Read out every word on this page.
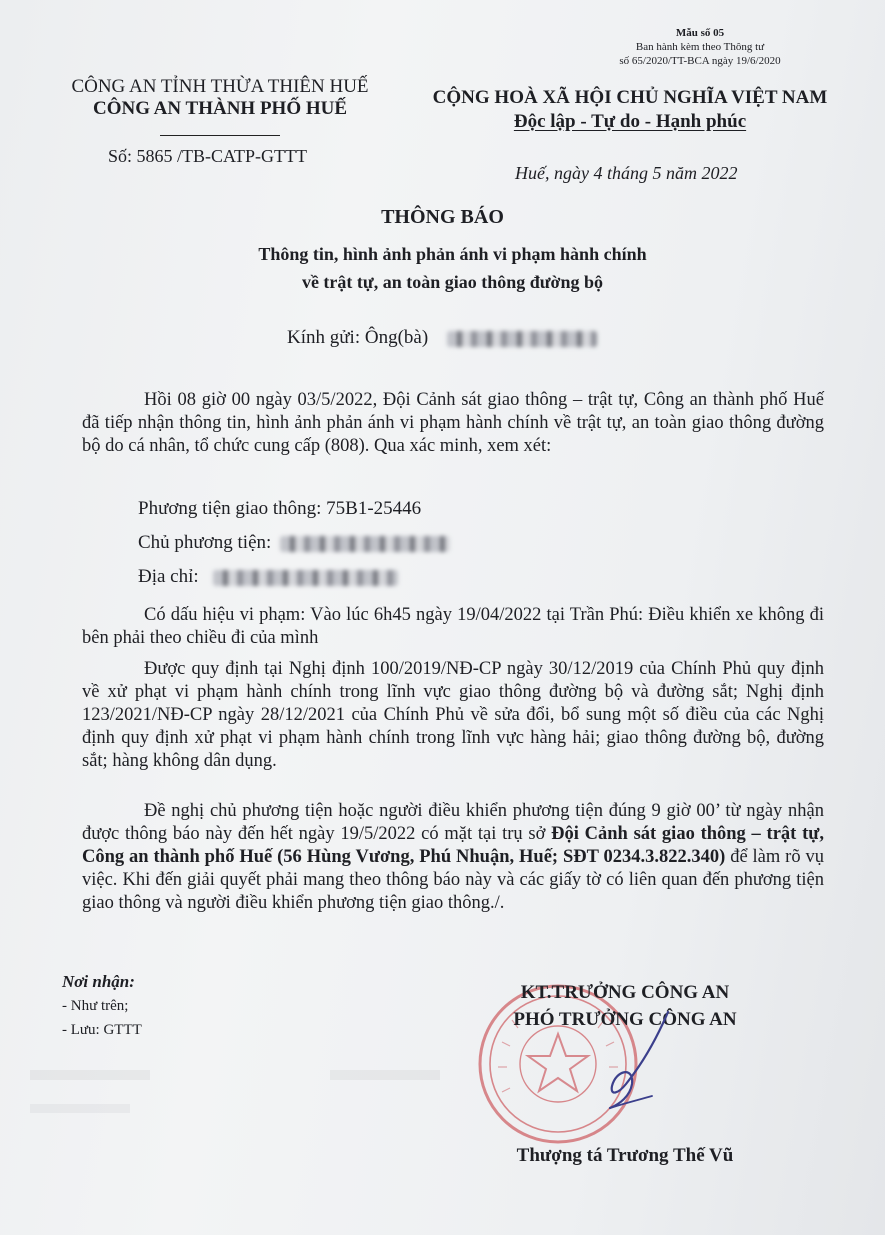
Mẫu số 05
Ban hành kèm theo Thông tư
số 65/2020/TT-BCA ngày 19/6/2020
CÔNG AN TỈNH THỪA THIÊN HUẾ
CÔNG AN THÀNH PHỐ HUẾ
CỘNG HOÀ XÃ HỘI CHỦ NGHĨA VIỆT NAM
Độc lập - Tự do - Hạnh phúc
Số: 5865 /TB-CATP-GTTT
Huế, ngày 4 tháng 5 năm 2022
THÔNG BÁO
Thông tin, hình ảnh phản ánh vi phạm hành chính
về trật tự, an toàn giao thông đường bộ
Kính gửi: Ông(bà)
Hồi 08 giờ 00 ngày 03/5/2022, Đội Cảnh sát giao thông – trật tự, Công an thành phố Huế đã tiếp nhận thông tin, hình ảnh phản ánh vi phạm hành chính về trật tự, an toàn giao thông đường bộ do cá nhân, tổ chức cung cấp (808). Qua xác minh, xem xét:
Phương tiện giao thông: 75B1-25446
Chủ phương tiện:
Địa chỉ:
Có dấu hiệu vi phạm: Vào lúc 6h45 ngày 19/04/2022 tại Trần Phú: Điều khiển xe không đi bên phải theo chiều đi của mình
Được quy định tại Nghị định 100/2019/NĐ-CP ngày 30/12/2019 của Chính Phủ quy định về xử phạt vi phạm hành chính trong lĩnh vực giao thông đường bộ và đường sắt; Nghị định 123/2021/NĐ-CP ngày 28/12/2021 của Chính Phủ về sửa đổi, bổ sung một số điều của các Nghị định quy định xử phạt vi phạm hành chính trong lĩnh vực hàng hải; giao thông đường bộ, đường sắt; hàng không dân dụng.
Đề nghị chủ phương tiện hoặc người điều khiển phương tiện đúng 9 giờ 00’ từ ngày nhận được thông báo này đến hết ngày 19/5/2022 có mặt tại trụ sở Đội Cảnh sát giao thông – trật tự, Công an thành phố Huế (56 Hùng Vương, Phú Nhuận, Huế; SĐT 0234.3.822.340) để làm rõ vụ việc. Khi đến giải quyết phải mang theo thông báo này và các giấy tờ có liên quan đến phương tiện giao thông và người điều khiển phương tiện giao thông./.
Nơi nhận:
- Như trên;
- Lưu: GTTT
KT.TRƯỞNG CÔNG AN
PHÓ TRƯỞNG CÔNG AN
Thượng tá Trương Thế Vũ
